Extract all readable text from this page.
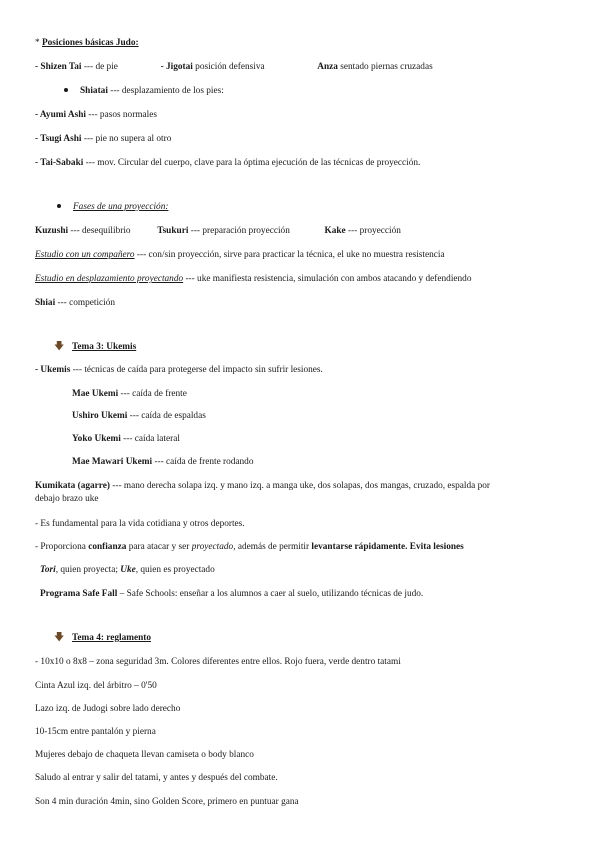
* Posiciones básicas Judo:
- Shizen Tai --- de pie	- Jigotai posición defensiva	Anza sentado piernas cruzadas
Shiatai --- desplazamiento de los pies:
- Ayumi Ashi --- pasos normales
- Tsugi Ashi --- pie no supera al otro
- Tai-Sabaki --- mov. Circular del cuerpo, clave para la óptima ejecución de las técnicas de proyección.
Fases de una proyección:
Kuzushi --- desequilibrio	Tsukuri --- preparación proyección	Kake --- proyección
Estudio con un compañero --- con/sin proyección, sirve para practicar la técnica, el uke no muestra resistencia
Estudio en desplazamiento proyectando --- uke manifiesta resistencia, simulación con ambos atacando y defendiendo
Shiai --- competición
🡇 Tema 3: Ukemis
- Ukemis --- técnicas de caída para protegerse del impacto sin sufrir lesiones.
Mae Ukemi --- caída de frente
Ushiro Ukemi --- caída de espaldas
Yoko Ukemi --- caída lateral
Mae Mawari Ukemi --- caída de frente rodando
Kumikata (agarre) --- mano derecha solapa izq. y mano izq. a manga uke, dos solapas, dos mangas, cruzado, espalda por
debajo brazo uke
- Es fundamental para la vida cotidiana y otros deportes.
- Proporciona confianza para atacar y ser proyectado, además de permitir levantarse rápidamente. Evita lesiones
Tori, quien proyecta; Uke, quien es proyectado
Programa Safe Fall – Safe Schools: enseñar a los alumnos a caer al suelo, utilizando técnicas de judo.
🡇 Tema 4: reglamento
- 10x10 o 8x8 – zona seguridad 3m. Colores diferentes entre ellos. Rojo fuera, verde dentro tatami
Cinta Azul izq. del árbitro – 0'50
Lazo izq. de Judogi sobre lado derecho
10-15cm entre pantalón y pierna
Mujeres debajo de chaqueta llevan camiseta o body blanco
Saludo al entrar y salir del tatami, y antes y después del combate.
Son 4 min duración 4min, sino Golden Score, primero en puntuar gana
